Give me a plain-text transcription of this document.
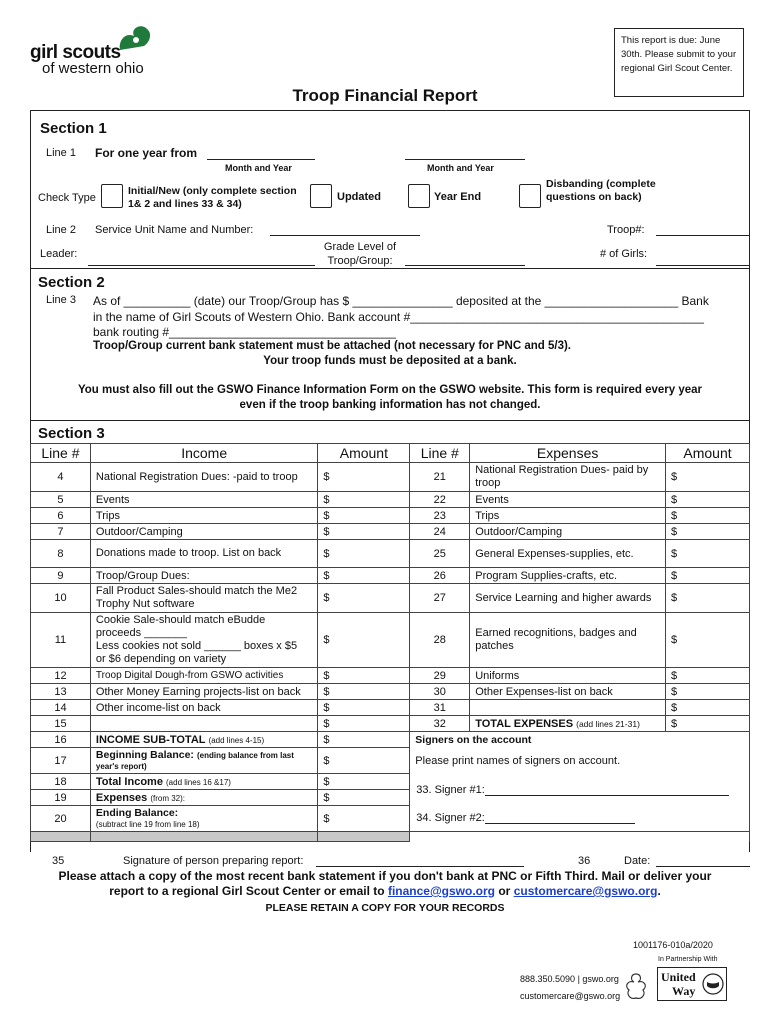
girl scouts
of western ohio
This report is due: June 30th. Please submit to your regional Girl Scout Center.
Troop Financial Report
Section 1
Line 1 For one year from
Month and Year	Month and Year
Check Type
Initial/New (only complete section 1& 2 and lines 33 & 34)
Updated	Year End
Disbanding (complete questions on back)
Line 2 Service Unit Name and Number:	Troop#:
Leader:
Grade Level of Troop/Group:
# of Girls:
Section 2
Line 3 As of __________ (date) our Troop/Group has $ _______________ deposited at the ____________________ Bank
in the name of Girl Scouts of Western Ohio. Bank account #____________________________________________
bank routing #__________________________________
Troop/Group current bank statement must be attached (not necessary for PNC and 5/3).
Your troop funds must be deposited at a bank.
You must also fill out the GSWO Finance Information Form on the GSWO website. This form is required every year
even if the troop banking information has not changed.
Section 3
Line #	Income	Amount	Line #	Expenses	Amount
4	National Registration Dues: -paid to troop	$	21	National Registration Dues- paid by troop	$
5	Events	$	22	Events	$
6	Trips	$	23	Trips	$
7	Outdoor/Camping	$	24	Outdoor/Camping	$
8	Donations made to troop. List on back	$	25	General Expenses-supplies, etc.	$
9	Troop/Group Dues:	$	26	Program Supplies-crafts, etc.	$
10	Fall Product Sales-should match the Me2 Trophy Nut software	$	27	Service Learning and higher awards	$
11	Cookie Sale-should match eBudde
proceeds _______
Less cookies not sold ______ boxes x $5
or $6 depending on variety	$	28	Earned recognitions, badges and patches	$
12	Troop Digital Dough-from GSWO activities	$	29	Uniforms	$
13	Other Money Earning projects-list on back	$	30	Other Expenses-list on back	$
14	Other income-list on back	$	31		$
15		$	32	TOTAL EXPENSES (add lines 21-31)	$
16	INCOME SUB-TOTAL (add lines 4-15)	$	Signers on the account		
17	Beginning Balance: (ending balance from last year's report)	$	Please print names of signers on account.		
18	Total Income (add lines 16 &17)	$	33. Signer #1:		
19	Expenses (from 32):	$			
20	Ending Balance:
(subtract line 19 from line 18)	$	34. Signer #2:		

35	Signature of person preparing report:	36	Date:
Please attach a copy of the most recent bank statement if you don't bank at PNC or Fifth Third. Mail or deliver your
report to a regional Girl Scout Center or email to finance@gswo.org or customercare@gswo.org.
PLEASE RETAIN A COPY FOR YOUR RECORDS
1001176-010a/2020
In Partnership With
888.350.5090 | gswo.org
customercare@gswo.org
United
Way
